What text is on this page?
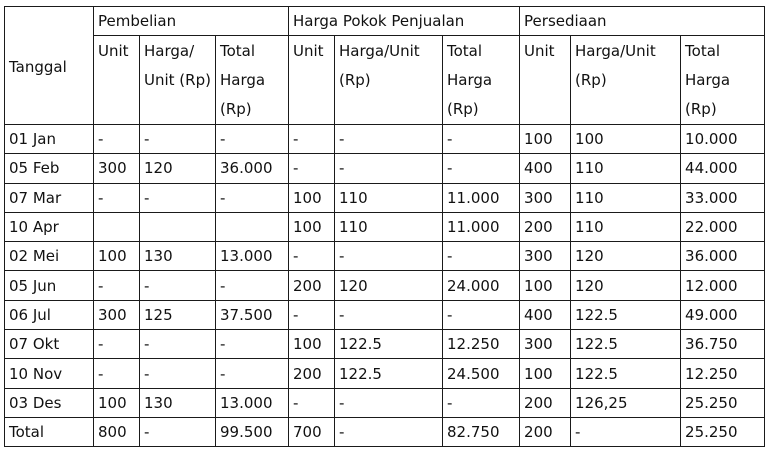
Tanggal	Pembelian			Harga Pokok Penjualan			Persediaan		
	Unit	Harga/ Unit (Rp)	Total Harga (Rp)	Unit	Harga/Unit (Rp)	Total Harga (Rp)	Unit	Harga/Unit (Rp)	Total Harga (Rp)
01 Jan	-	-	-	-	-	-	100	100	10.000
05 Feb	300	120	36.000	-	-	-	400	110	44.000
07 Mar	-	-	-	100	110	11.000	300	110	33.000
10 Apr				100	110	11.000	200	110	22.000
02 Mei	100	130	13.000	-	-	-	300	120	36.000
05 Jun	-	-	-	200	120	24.000	100	120	12.000
06 Jul	300	125	37.500	-	-	-	400	122.5	49.000
07 Okt	-	-	-	100	122.5	12.250	300	122.5	36.750
10 Nov	-	-	-	200	122.5	24.500	100	122.5	12.250
03 Des	100	130	13.000	-	-	-	200	126,25	25.250
Total	800	-	99.500	700	-	82.750	200	-	25.250
